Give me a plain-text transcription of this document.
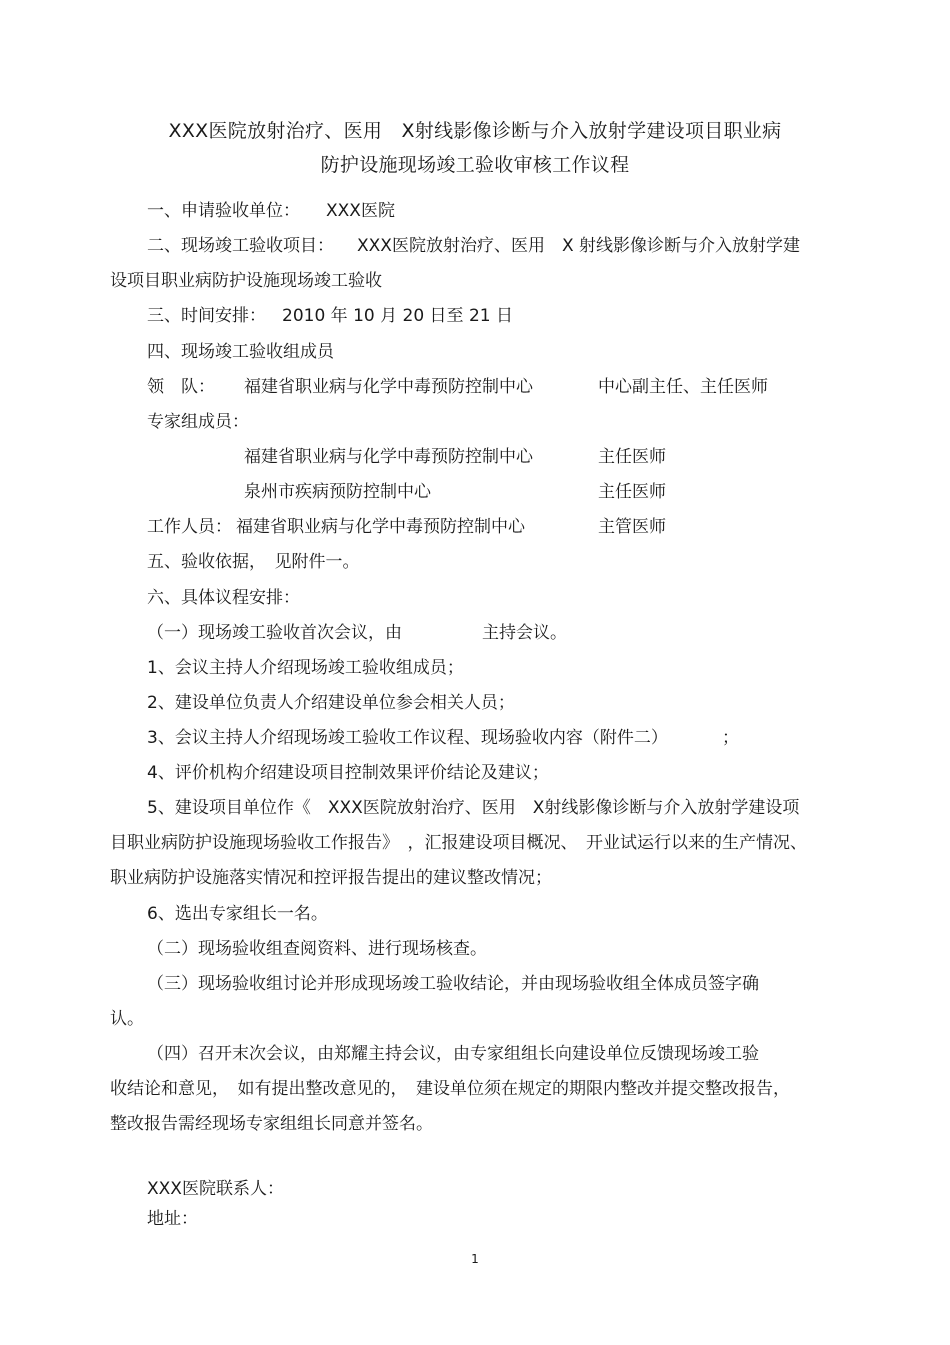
XXX医院放射治疗、医用　X射线影像诊断与介入放射学建设项目职业病
防护设施现场竣工验收审核工作议程
一、申请验收单位： XXX医院
二、现场竣工验收项目： XXX医院放射治疗、医用　X 射线影像诊断与介入放射学建
设项目职业病防护设施现场竣工验收
三、时间安排： 2010 年 10 月 20 日至 21 日
四、现场竣工验收组成员
领　队： 福建省职业病与化学中毒预防控制中心	中心副主任、主任医师
专家组成员：
福建省职业病与化学中毒预防控制中心	主任医师
泉州市疾病预防控制中心	主任医师
工作人员： 福建省职业病与化学中毒预防控制中心	主管医师
五、验收依据，　见附件一。
六、具体议程安排：
（一）现场竣工验收首次会议，由	主持会议。
1、会议主持人介绍现场竣工验收组成员；
2、建设单位负责人介绍建设单位参会相关人员；
3、会议主持人介绍现场竣工验收工作议程、现场验收内容（附件二）	；
4、评价机构介绍建设项目控制效果评价结论及建议；
5、建设项目单位作《　XXX医院放射治疗、医用　X射线影像诊断与介入放射学建设项
目职业病防护设施现场验收工作报告》　，汇报建设项目概况、　开业试运行以来的生产情况、
职业病防护设施落实情况和控评报告提出的建议整改情况；
6、选出专家组长一名。
（二）现场验收组查阅资料、进行现场核查。
（三）现场验收组讨论并形成现场竣工验收结论，并由现场验收组全体成员签字确
认。
（四）召开末次会议，由郑耀主持会议，由专家组组长向建设单位反馈现场竣工验
收结论和意见，　如有提出整改意见的，　建设单位须在规定的期限内整改并提交整改报告，
整改报告需经现场专家组组长同意并签名。
XXX医院联系人：
地址：
1
